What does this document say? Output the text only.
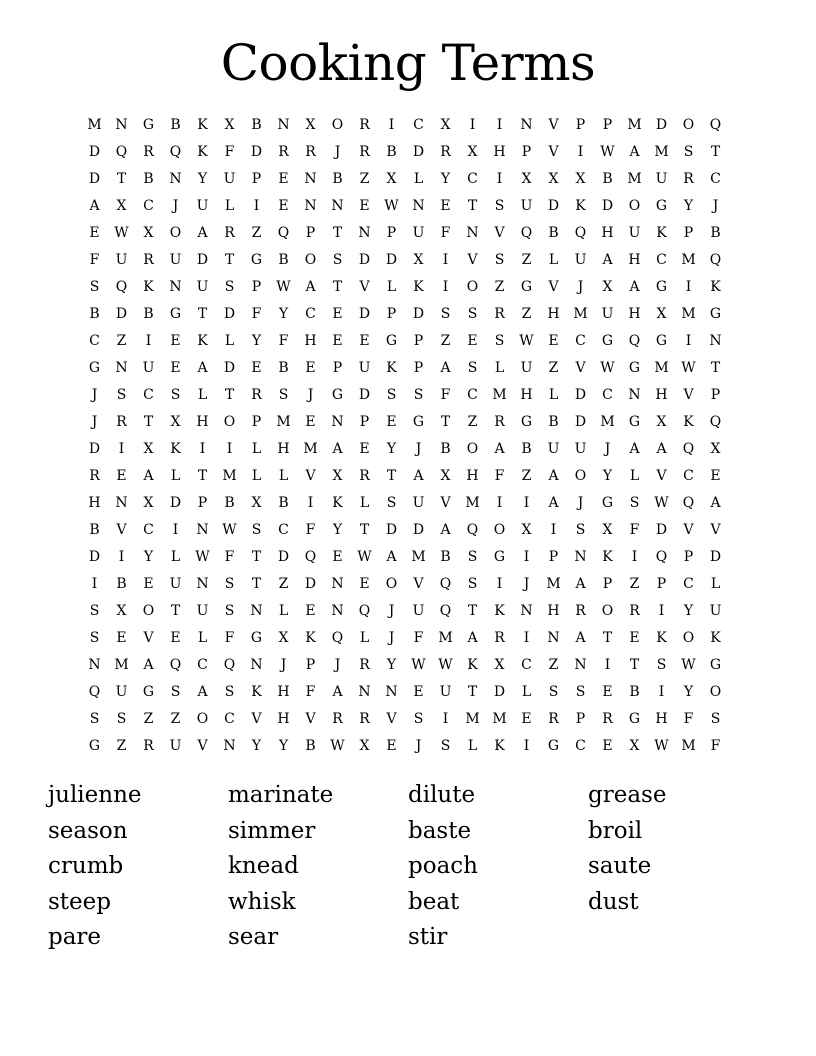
Cooking Terms
M N	G	B	K	X	B	N	X	O	R	I	C	X	I	I	N	V	P	P	M	D	O	Q
D	Q	R	Q	K	F	D	R	R	J	R	B	D	R	X	H	P	V	I	W	A	M	S	T
D	T	B	N	Y	U	P	E	N	B	Z	X	L	Y	C	I	X	X	X	B	M U	R	C
A	X	C	J	U	L	I	E	N	N	E	W N	E	T	S	U	D	K	D	O	G	Y	J
E	W	X	O	A	R	Z	Q	P	T	N	P	U	F	N	V	Q	B	Q	H	U	K	P	B
F	U	R	U	D	T	G	B	O	S	D	D	X	I	V	S	Z	L	U	A	H	C	M	Q
S	Q	K	N	U	S	P	W	A	T	V	L	K	I	O	Z	G	V	J	X	A	G	I	K
B	D	B	G	T	D	F	Y	C	E	D	P	D	S	S	R	Z	H M U	H	X	M	G
C	Z	I	E	K	L	Y	F	H	E	E	G	P	Z	E	S	W	E	C	G	Q	G	I	N
G	N	U	E	A	D	E	B	E	P	U	K	P	A	S	L	U	Z	V	W	G	M W	T
J	S	C	S	L	T	R	S	J	G	D	S	S	F	C	M H	L	D	C	N	H	V	P
J	R	T	X	H	O	P	M	E	N	P	E	G	T	Z	R	G	B	D	M	G	X	K	Q
D	I	X	K	I	I	L	H M	A	E	Y	J	B	O	A	B	U	U	J	A	A	Q	X
R	E	A	L	T	M	L	L	V	X	R	T	A	X	H	F	Z	A	O	Y	L	V	C	E
H	N	X	D	P	B	X	B	I	K	L	S	U	V	M	I	I	A	J	G	S	W	Q	A
B	V	C	I	N W	S	C	F	Y	T	D	D	A	Q	O	X	I	S	X	F	D	V	V
D	I	Y	L	W	F	T	D	Q	E	W	A	M	B	S	G	I	P	N	K	I	Q	P	D
I	B	E	U	N	S	T	Z	D	N	E	O	V	Q	S	I	J	M	A	P	Z	P	C	L
S	X	O	T	U	S	N	L	E	N	Q	J	U	Q	T	K	N	H	R	O	R	I	Y	U
S	E	V	E	L	F	G	X	K	Q	L	J	F	M	A	R	I	N	A	T	E	K	O	K
N M	A	Q	C	Q	N	J	P	J	R	Y	W W	K	X	C	Z	N	I	T	S	W	G
Q	U	G	S	A	S	K	H	F	A	N	N	E	U	T	D	L	S	S	E	B	I	Y	O
S	S	Z	Z	O	C	V	H	V	R	R	V	S	I	M M	E	R	P	R	G	H	F	S
G	Z	R	U	V	N	Y	Y	B	W	X	E	J	S	L	K	I	G	C	E	X	W M	F
julienne	marinate	dilute	grease
season	simmer	baste	broil
crumb	knead	poach	saute
steep	whisk	beat	dust
pare	sear	stir
